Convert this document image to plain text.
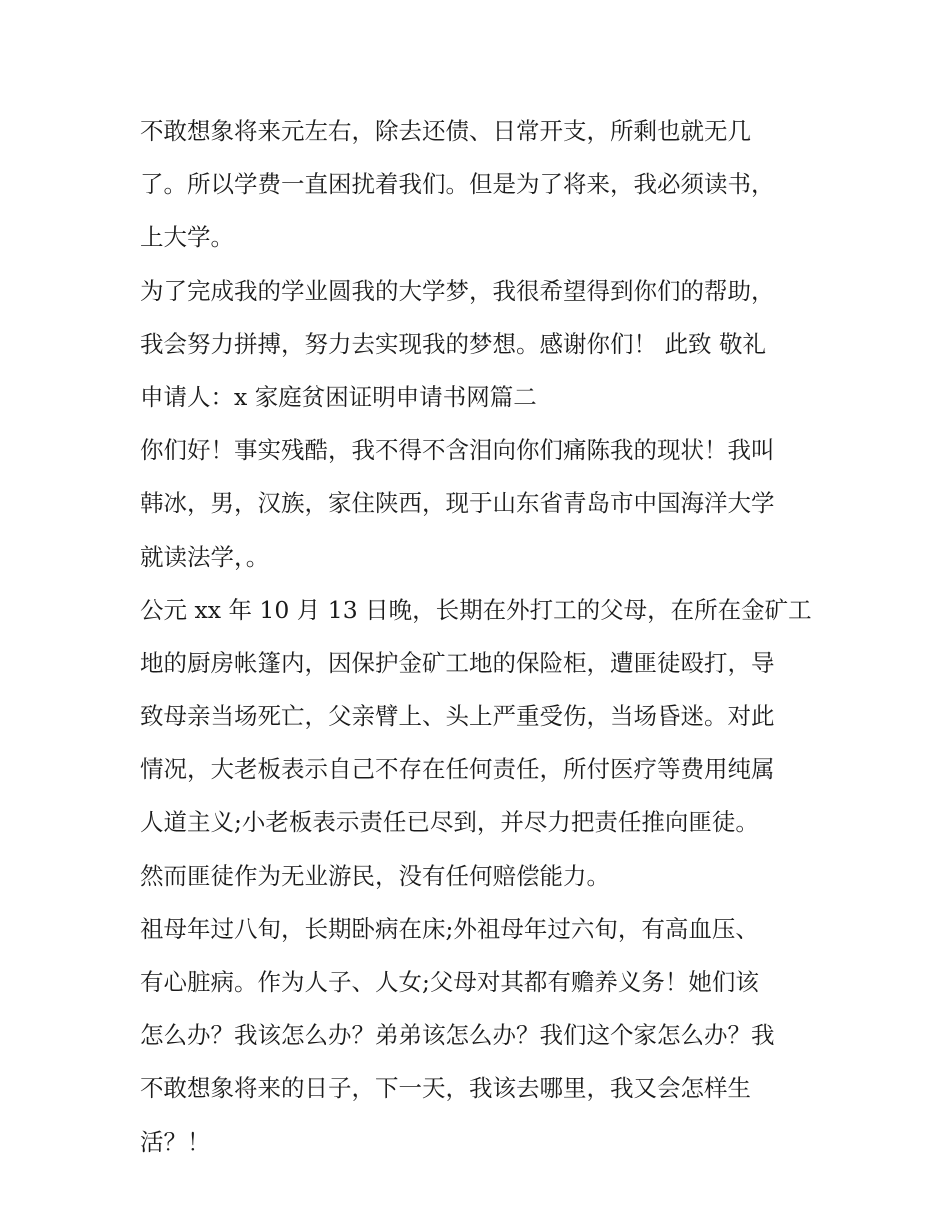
不敢想象将来元左右，除去还债、日常开支，所剩也就无几
了。所以学费一直困扰着我们。但是为了将来，我必须读书，
上大学。
为了完成我的学业圆我的大学梦，我很希望得到你们的帮助，
我会努力拼搏，努力去实现我的梦想。感谢你们！ 此致 敬礼
申请人：x 家庭贫困证明申请书网篇二
你们好！事实残酷，我不得不含泪向你们痛陈我的现状！我叫
韩冰，男，汉族，家住陕西，现于山东省青岛市中国海洋大学
就读法学，。
公元 xx 年 10 月 13 日晚，长期在外打工的父母，在所在金矿工
地的厨房帐篷内，因保护金矿工地的保险柜，遭匪徒殴打，导
致母亲当场死亡，父亲臂上、头上严重受伤，当场昏迷。对此
情况，大老板表示自己不存在任何责任，所付医疗等费用纯属
人道主义;小老板表示责任已尽到，并尽力把责任推向匪徒。
然而匪徒作为无业游民，没有任何赔偿能力。
祖母年过八旬，长期卧病在床;外祖母年过六旬，有高血压、
有心脏病。作为人子、人女;父母对其都有赡养义务！她们该
怎么办？我该怎么办？弟弟该怎么办？我们这个家怎么办？我
不敢想象将来的日子，下一天，我该去哪里，我又会怎样生
活？！
